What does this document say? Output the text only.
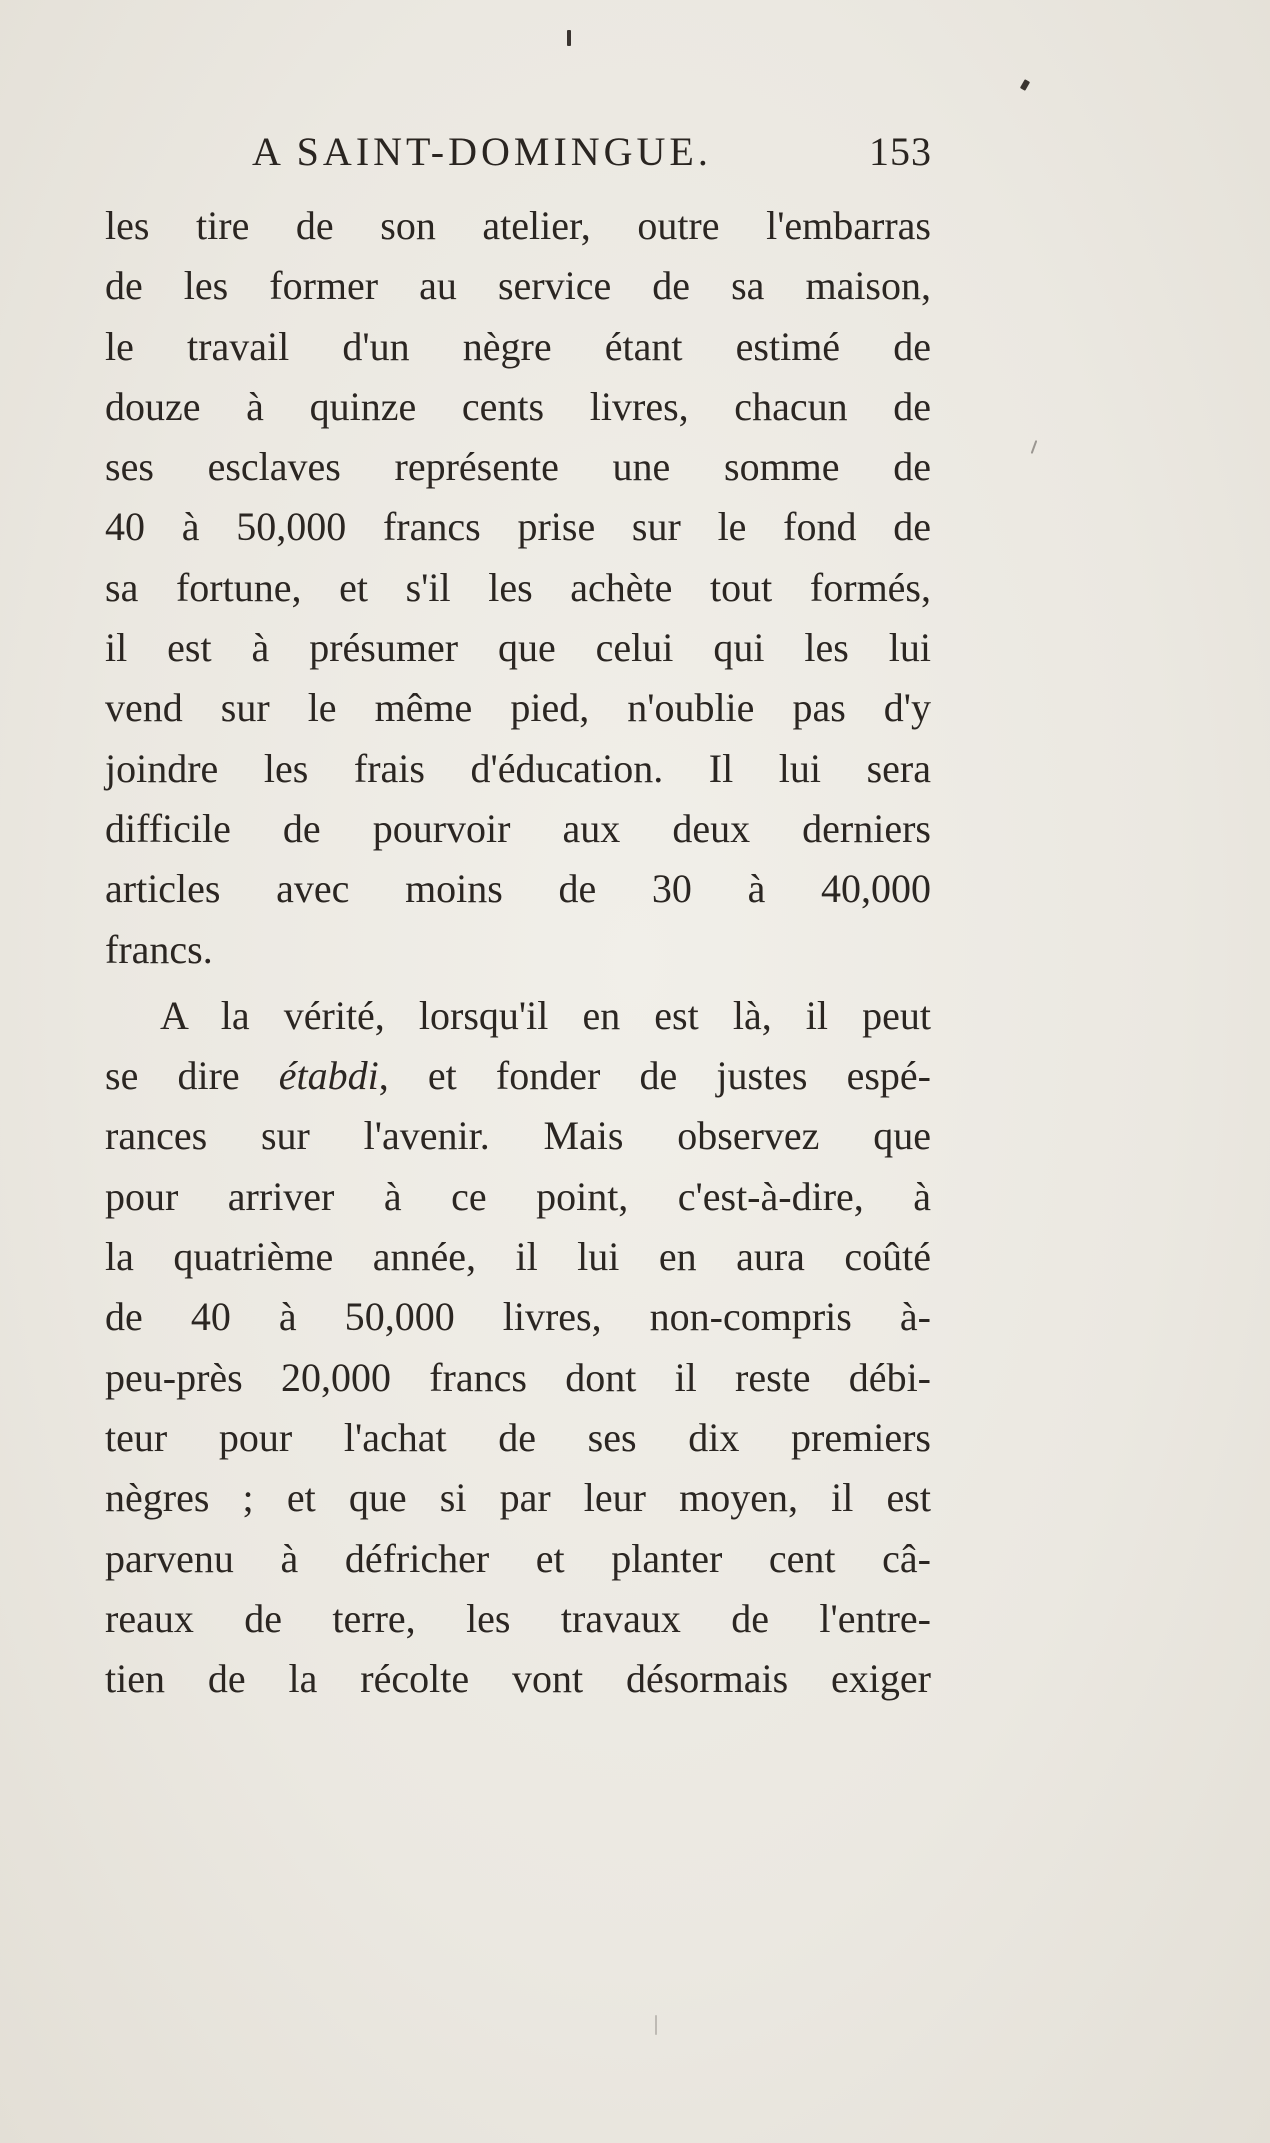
A SAINT-DOMINGUE.	153
les tire de son atelier, outre l'embarras
de les former au service de sa maison,
le travail d'un nègre étant estimé de
douze à quinze cents livres, chacun de
ses esclaves représente une somme de
40 à 50,000 francs prise sur le fond de
sa fortune, et s'il les achète tout formés,
il est à présumer que celui qui les lui
vend sur le même pied, n'oublie pas d'y
joindre les frais d'éducation. Il lui sera
difficile de pourvoir aux deux derniers
articles avec moins de 30 à 40,000
francs.
A la vérité, lorsqu'il en est là, il peut
se dire étabdi, et fonder de justes espé-
rances sur l'avenir. Mais observez que
pour arriver à ce point, c'est-à-dire, à
la quatrième année, il lui en aura coûté
de 40 à 50,000 livres, non-compris à-
peu-près 20,000 francs dont il reste débi-
teur pour l'achat de ses dix premiers
nègres ; et que si par leur moyen, il est
parvenu à défricher et planter cent câ-
reaux de terre, les travaux de l'entre-
tien de la récolte vont désormais exiger
